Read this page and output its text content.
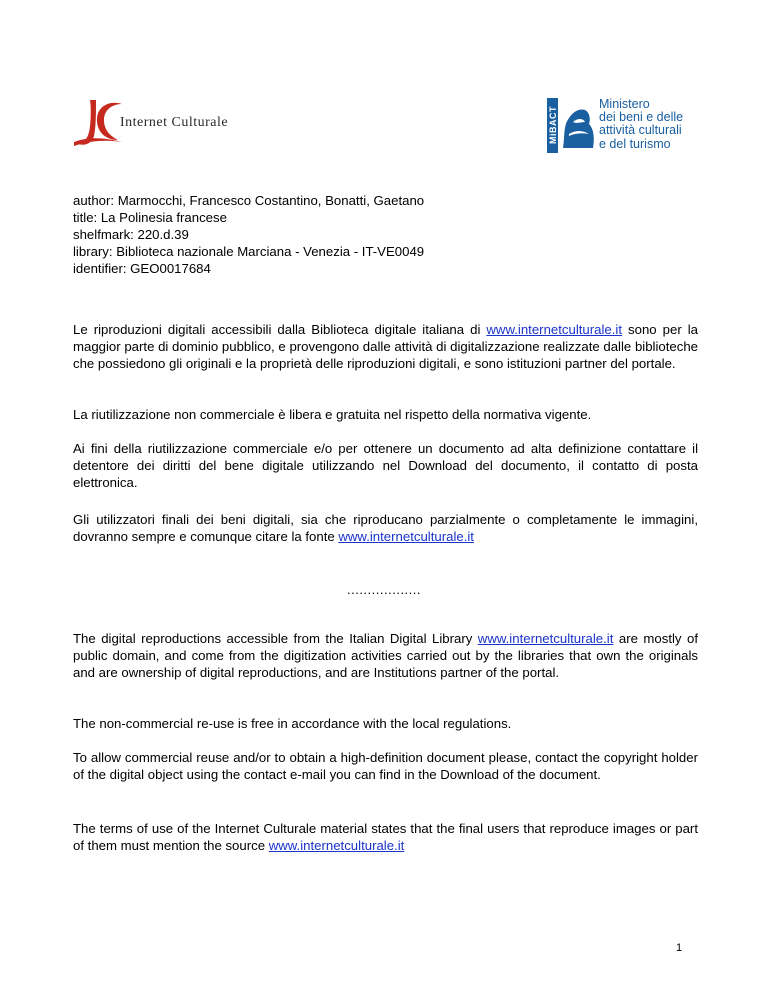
Internet Culturale	MiBACT
Ministero
dei beni e delle
attività culturali
e del turismo
author: Marmocchi, Francesco Costantino, Bonatti, Gaetano
title: La Polinesia francese
shelfmark: 220.d.39
library: Biblioteca nazionale Marciana - Venezia - IT-VE0049
identifier: GEO0017684

Le riproduzioni digitali accessibili dalla Biblioteca digitale italiana di www.internetculturale.it sono per la maggior parte di dominio pubblico, e provengono dalle attività di digitalizzazione realizzate dalle biblioteche che possiedono gli originali e la proprietà delle riproduzioni digitali, e sono istituzioni partner del portale.

La riutilizzazione non commerciale è libera e gratuita nel rispetto della normativa vigente.

Ai fini della riutilizzazione commerciale e/o per ottenere un documento ad alta definizione contattare il detentore dei diritti del bene digitale utilizzando nel Download del documento, il contatto di posta elettronica.

Gli utilizzatori finali dei beni digitali, sia che riproducano parzialmente o completamente le immagini, dovranno sempre e comunque citare la fonte www.internetculturale.it

..................

The digital reproductions accessible from the Italian Digital Library www.internetculturale.it are mostly of public domain, and come from the digitization activities carried out by the libraries that own the originals and are ownership of digital reproductions, and are Institutions partner of the portal.

The non-commercial re-use is free in accordance with the local regulations.

To allow commercial reuse and/or to obtain a high-definition document please, contact the copyright holder of the digital object using the contact e-mail you can find in the Download of the document.

The terms of use of the Internet Culturale material states that the final users that reproduce images or part of them must mention the source www.internetculturale.it

1
